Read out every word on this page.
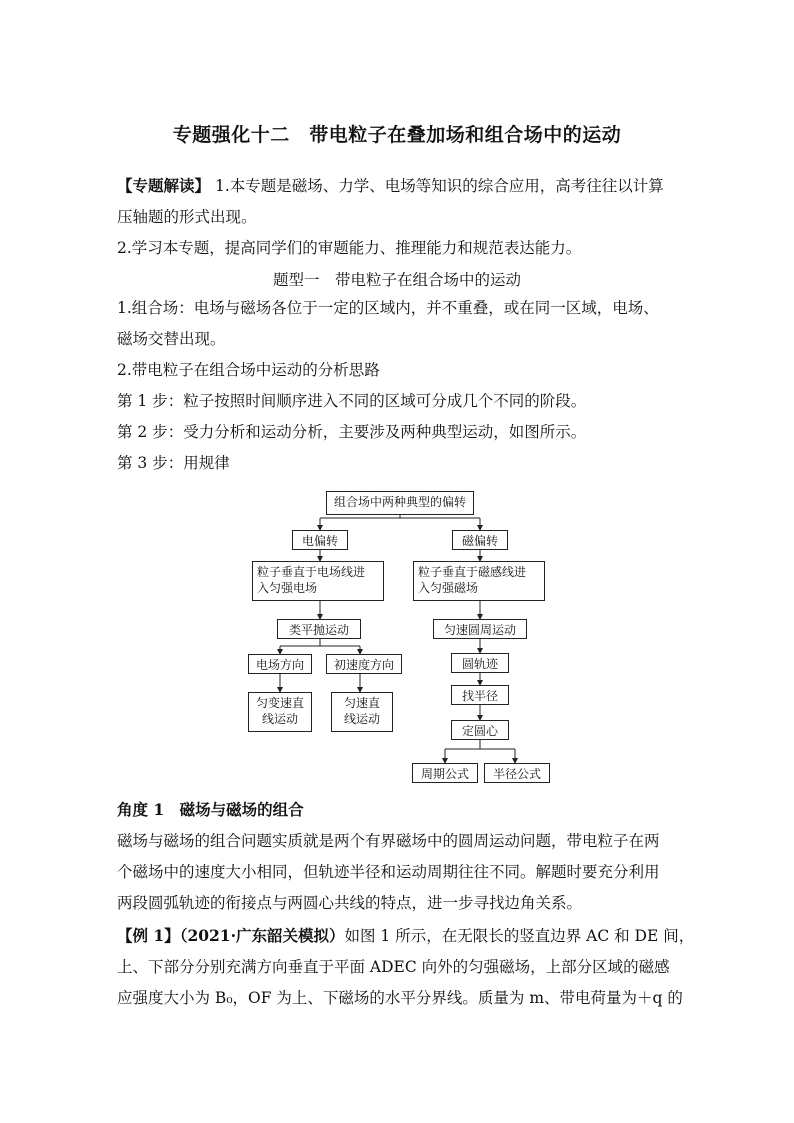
专题强化十二　带电粒子在叠加场和组合场中的运动
【专题解读】 1.本专题是磁场、力学、电场等知识的综合应用，高考往往以计算
压轴题的形式出现。
2.学习本专题，提高同学们的审题能力、推理能力和规范表达能力。
题型一　带电粒子在组合场中的运动
1.组合场：电场与磁场各位于一定的区域内，并不重叠，或在同一区域，电场、
磁场交替出现。
2.带电粒子在组合场中运动的分析思路
第 1 步：粒子按照时间顺序进入不同的区域可分成几个不同的阶段。
第 2 步：受力分析和运动分析，主要涉及两种典型运动，如图所示。
第 3 步：用规律
组合场中两种典型的偏转
电偏转	磁偏转
粒子垂直于电场线进
入匀强电场
粒子垂直于磁感线进
入匀强磁场
类平抛运动	匀速圆周运动
电场方向	初速度方向
匀变速直
线运动
匀速直
线运动
圆轨迹
找半径
定圆心
周期公式	半径公式
角度 1　磁场与磁场的组合
磁场与磁场的组合问题实质就是两个有界磁场中的圆周运动问题，带电粒子在两
个磁场中的速度大小相同，但轨迹半径和运动周期往往不同。解题时要充分利用
两段圆弧轨迹的衔接点与两圆心共线的特点，进一步寻找边角关系。
【例 1】（2021·广东韶关模拟）如图 1 所示，在无限长的竖直边界 AC 和 DE 间，
上、下部分分别充满方向垂直于平面 ADEC 向外的匀强磁场，上部分区域的磁感
应强度大小为 B₀，OF 为上、下磁场的水平分界线。质量为 m、带电荷量为＋q 的
